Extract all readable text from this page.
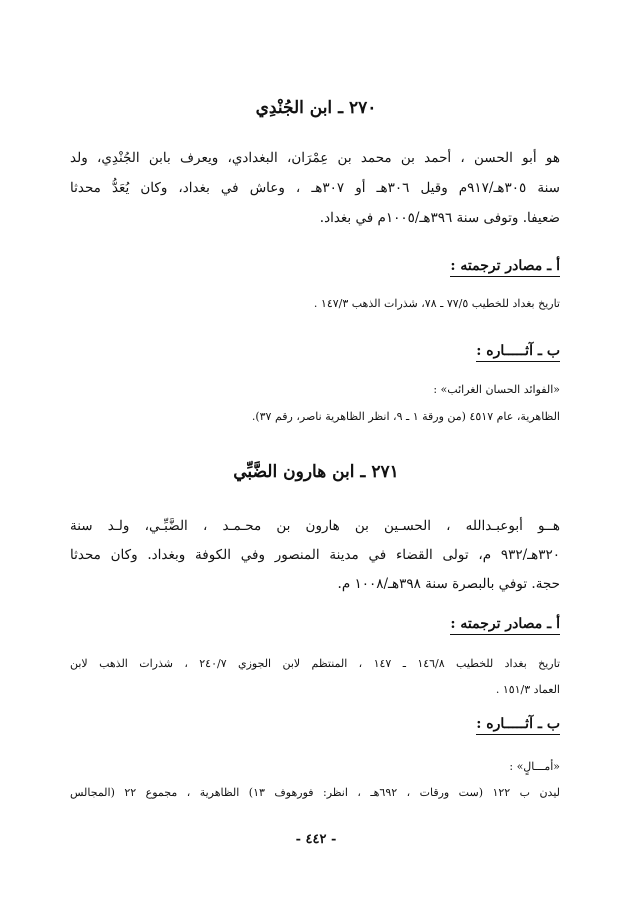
٢٧٠ ـ ابن الجُنْدِي
هو أبو الحسن ، أحمد بن محمد بن عِمْرَان، البغدادي، ويعرف بابن الجُنْدِي، ولد
سنة ٣٠٥هـ/٩١٧م وقيل ٣٠٦هـ أو ٣٠٧هـ ، وعاش في بغداد، وكان يُعَدُّ محدثا
ضعيفا. وتوفى سنة ٣٩٦هـ/١٠٠٥م في بغداد.
أ ـ مصادر ترجمته :
تاريخ بغداد للخطيب ٧٧/٥ ـ ٧٨، شذرات الذهب ١٤٧/٣ .
ب ـ آثـــــاره :
«الفوائد الحسان الغرائب» :
الظاهرية، عام ٤٥١٧ (من ورقة ١ ـ ٩، انظر الظاهرية ناصر، رقم ٣٧).
٢٧١ ـ ابن هارون الضَّبِّي
هــو أبوعبـدالله ، الحسـين بن هارون بن محـمـد ، الضَّبِّـي، ولـد سنة
٣٢٠هـ/٩٣٢ م، تولى القضاء في مدينة المنصور وفي الكوفة وبغداد. وكان محدثا
حجة. توفي بالبصرة سنة ٣٩٨هـ/١٠٠٨ م.
أ ـ مصادر ترجمته :
تاريخ بغداد للخطيب ١٤٦/٨ ـ ١٤٧ ، المنتظم لابن الجوزي ٢٤٠/٧ ، شذرات الذهب لابن
العماد ١٥١/٣ .
ب ـ آثـــــاره :
«أمـــالٍ» :
ليدن ب ١٢٢ (ست ورقات ، ٦٩٢هـ ، انظر: فورهوف ١٣) الظاهرية ، مجموع ٢٢ (المجالس
- ٤٤٢ -
